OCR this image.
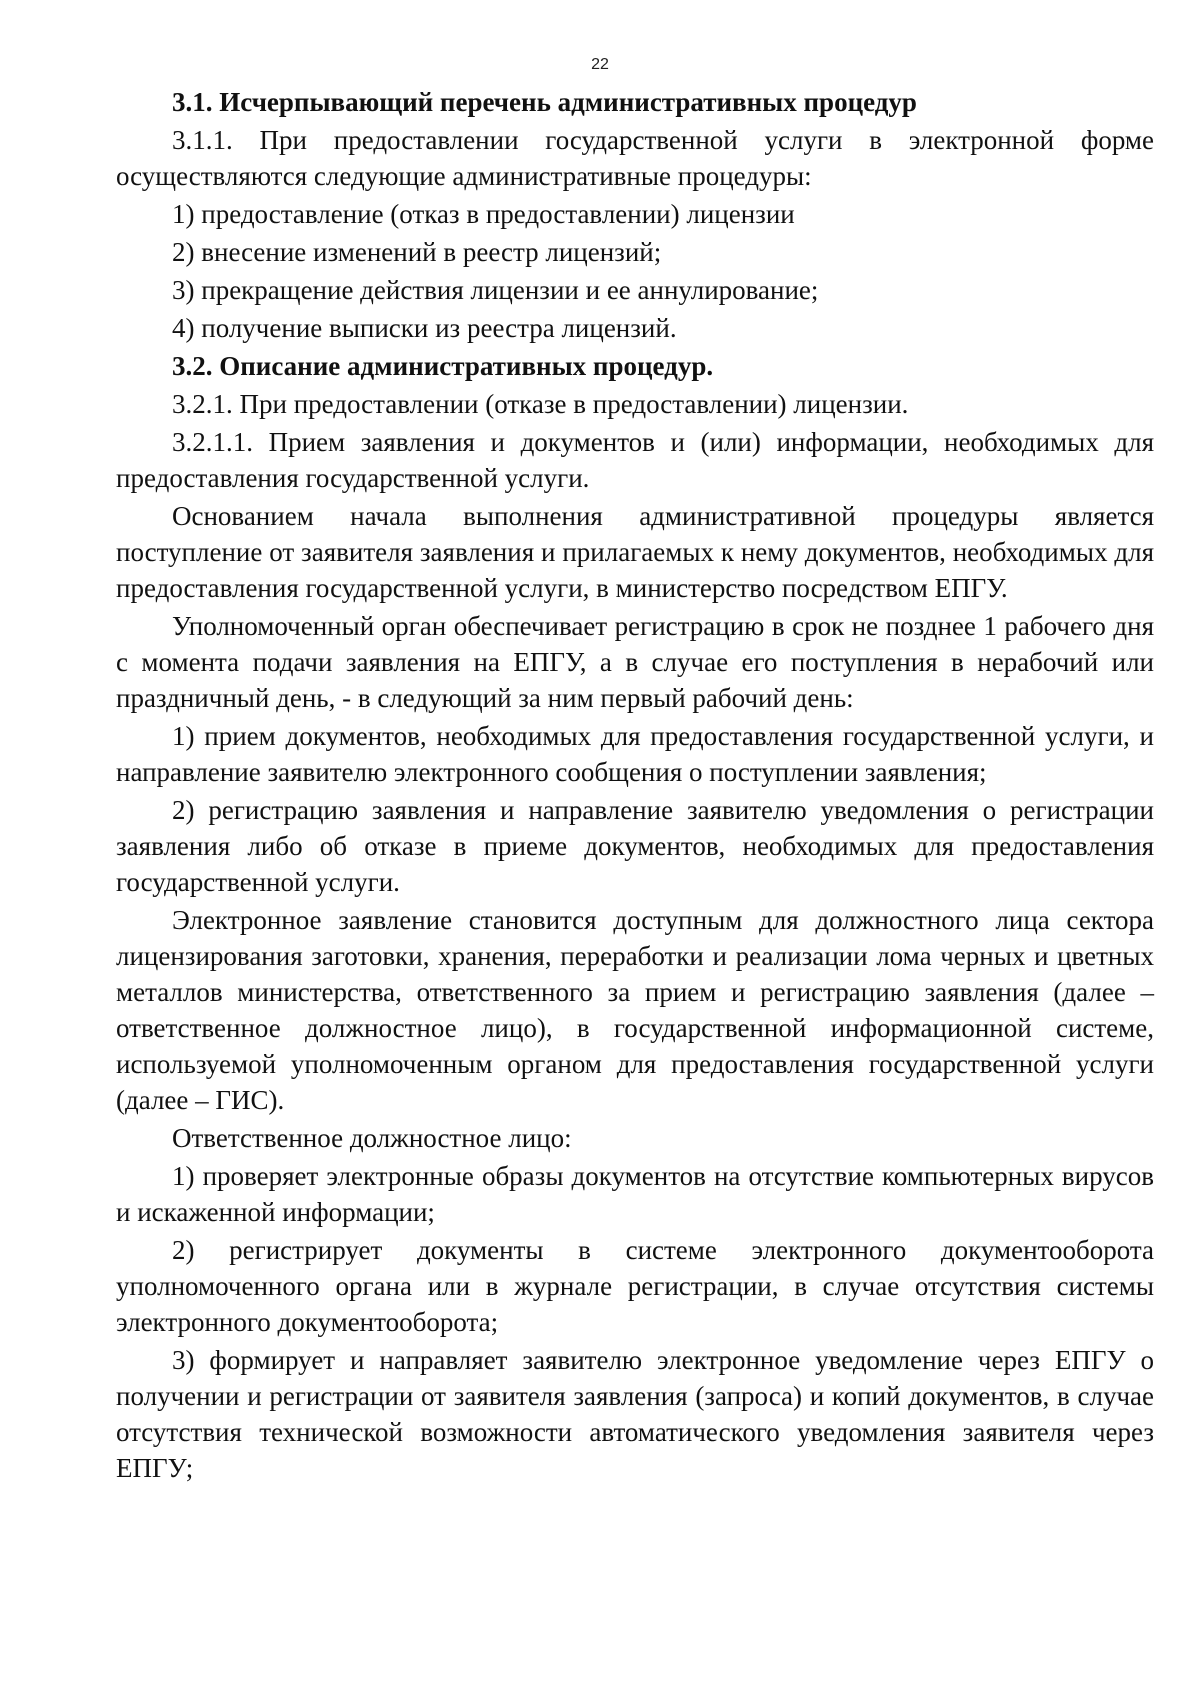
22

3.1. Исчерпывающий перечень административных процедур

3.1.1. При предоставлении государственной услуги в электронной форме осуществляются следующие административные процедуры:

1) предоставление (отказ в предоставлении) лицензии

2) внесение изменений в реестр лицензий;

3) прекращение действия лицензии и ее аннулирование;

4) получение выписки из реестра лицензий.

3.2. Описание административных процедур.

3.2.1. При предоставлении (отказе в предоставлении) лицензии.

3.2.1.1. Прием заявления и документов и (или) информации, необходимых для предоставления государственной услуги.

Основанием начала выполнения административной процедуры является поступление от заявителя заявления и прилагаемых к нему документов, необходимых для предоставления государственной услуги, в министерство посредством ЕПГУ.

Уполномоченный орган обеспечивает регистрацию в срок не позднее 1 рабочего дня с момента подачи заявления на ЕПГУ, а в случае его поступления в нерабочий или праздничный день, - в следующий за ним первый рабочий день:

1) прием документов, необходимых для предоставления государственной услуги, и направление заявителю электронного сообщения о поступлении заявления;

2) регистрацию заявления и направление заявителю уведомления о регистрации заявления либо об отказе в приеме документов, необходимых для предоставления государственной услуги.

Электронное заявление становится доступным для должностного лица сектора лицензирования заготовки, хранения, переработки и реализации лома черных и цветных металлов министерства, ответственного за прием и регистрацию заявления (далее – ответственное должностное лицо), в государственной информационной системе, используемой уполномоченным органом для предоставления государственной услуги (далее – ГИС).

Ответственное должностное лицо:

1) проверяет электронные образы документов на отсутствие компьютерных вирусов и искаженной информации;

2) регистрирует документы в системе электронного документооборота уполномоченного органа или в журнале регистрации, в случае отсутствия системы электронного документооборота;

3) формирует и направляет заявителю электронное уведомление через ЕПГУ о получении и регистрации от заявителя заявления (запроса) и копий документов, в случае отсутствия технической возможности автоматического уведомления заявителя через ЕПГУ;
